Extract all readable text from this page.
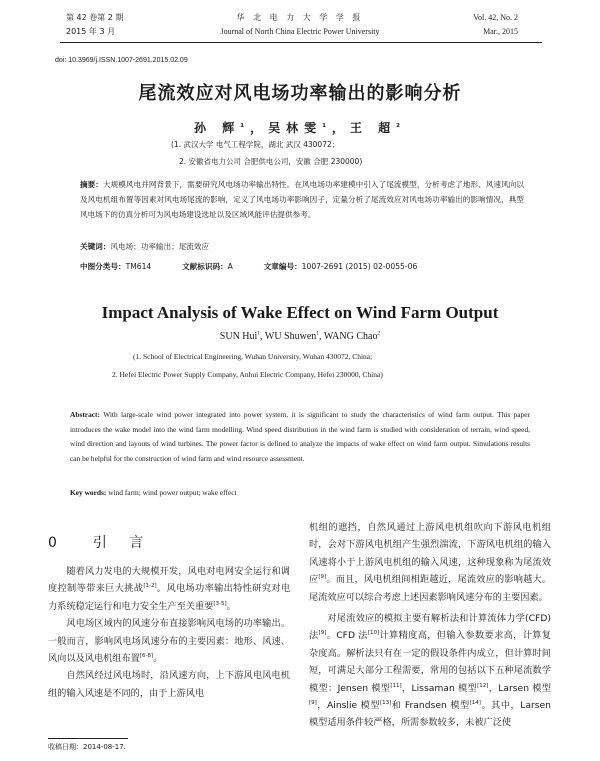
第 42 卷第 2 期
2015 年 3 月
华 北 电 力 大 学 学 报
Journal of North China Electric Power University
Vol. 42, No. 2
Mar., 2015
doi: 10.3969/j.ISSN.1007-2691.2015.02.09
尾流效应对风电场功率输出的影响分析
孙 辉$^1$，吴林雯$^1$，王 超$^2$
(1. 武汉大学 电气工程学院，湖北 武汉 430072；
2. 安徽省电力公司 合肥供电公司，安徽 合肥 230000)
摘要：大规模风电并网背景下，需要研究风电场功率输出特性。在风电场功率建模中引入了尾流模型，分析考虑了地形、风速风向以及风电机组布置等因素对风电场尾流的影响，定义了风电场功率影响因子，定量分析了尾流效应对风电场功率输出的影响情况，典型风电场下的仿真分析可为风电场建设选址以及区域风能评估提供参考。
关键词：风电场；功率输出；尾流效应
中图分类号：TM614	文献标识码：A	文章编号：1007-2691 (2015) 02-0055-06
Impact Analysis of Wake Effect on Wind Farm Output
SUN Hui$^1$, WU Shuwen$^1$, WANG Chao$^2$
(1. School of Electrical Engineering, Wuhan University, Wuhan 430072, China;
2. Hefei Electric Power Supply Company, Anhui Electric Company, Hefei 230000, China)
Abstract: With large-scale wind power integrated into power system, it is significant to study the characteristics of wind farm output. This paper introduces the wake model into the wind farm modelling. Wind speed distribution in the wind farm is studied with consideration of terrain, wind speed, wind direction and layouts of wind turbines. The power factor is defined to analyze the impacts of wake effect on wind farm output. Simulations results can be helpful for the construction of wind farm and wind resource assessment.
Key words: wind farm; wind power output; wake effect
0 引 言

随着风力发电的大规模开发，风电对电网安全运行和调度控制等带来巨大挑战[1-2]。风电场功率输出特性研究对电力系统稳定运行和电力安全生产至关重要[3-5]。

风电场区域内的风速分布直接影响风电场的功率输出。一般而言，影响风电场风速分布的主要因素：地形、风速、风向以及风电机组布置[6-8]。

自然风经过风电场时，沿风速方向，上下游风电风电机组的输入风速是不同的，由于上游风电

收稿日期：2014-08-17.
机组的遮挡，自然风通过上游风电机组吹向下游风电机组时，会对下游风电机组产生强烈湍流，下游风电机组的输入风速将小于上游风电机组的输入风速，这种现象称为尾流效应[9]。而且，风电机组间相距越近，尾流效应的影响越大。尾流效应可以综合考虑上述因素影响风速分布的主要因素。

对尾流效应的模拟主要有解析法和计算流体力学(CFD)法[9]。CFD 法[10]计算精度高，但输入参数要求高，计算复杂度高。解析法只有在一定的假设条件内成立，但计算时间短，可满足大部分工程需要，常用的包括以下五种尾流数学模型：Jensen 模型[11]，Lissaman 模型[12]，Larsen 模型[9]，Ainslie 模型[13]和 Frandsen 模型[14]。其中，Larsen 模型适用条件较严格，所需参数较多，未被广泛使
